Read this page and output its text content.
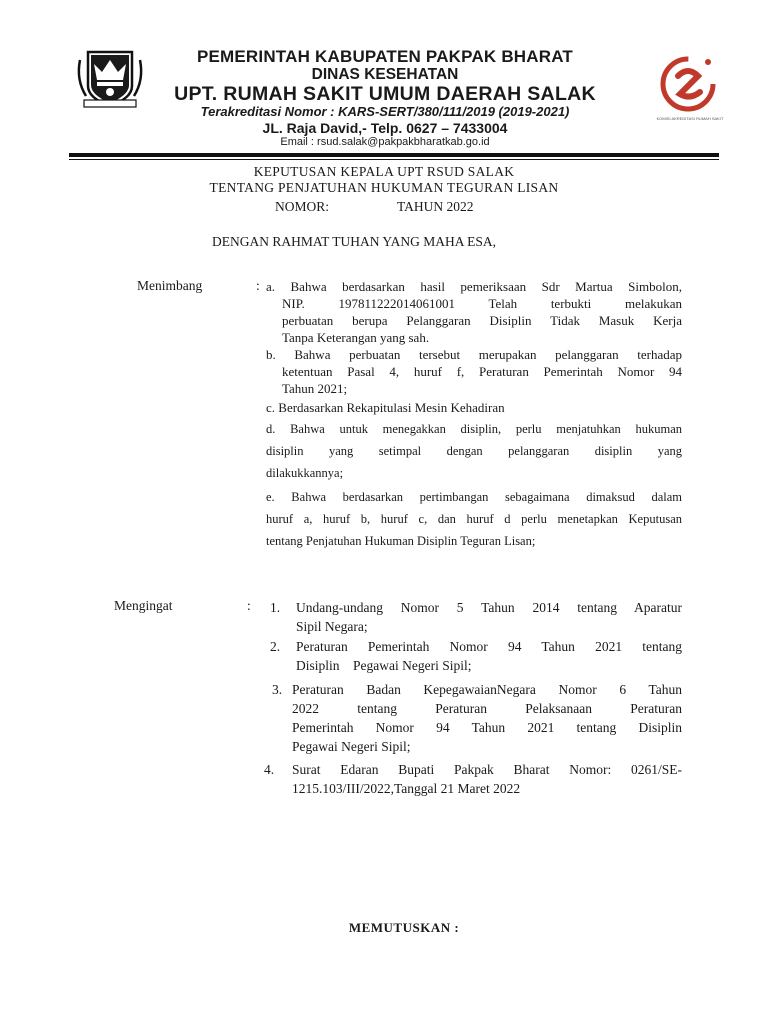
KOMISI AKREDITASI RUMAH SAKIT
PEMERINTAH KABUPATEN PAKPAK BHARAT
DINAS KESEHATAN
UPT. RUMAH SAKIT UMUM DAERAH SALAK
Terakreditasi Nomor : KARS-SERT/380/111/2019 (2019-2021)
JL. Raja David,- Telp. 0627 – 7433004
Email : rsud.salak@pakpakbharatkab.go.id
KEPUTUSAN KEPALA UPT RSUD SALAK
TENTANG PENJATUHAN HUKUMAN TEGURAN LISAN
NOMOR:	TAHUN 2022
DENGAN RAHMAT TUHAN YANG MAHA ESA,
Menimbang	: a. Bahwa berdasarkan hasil pemeriksaan Sdr Martua Simbolon,
NIP.    197811222014061001    Telah    terbukti    melakukan
perbuatan berupa Pelanggaran Disiplin Tidak Masuk Kerja
Tanpa Keterangan yang sah.
b. Bahwa perbuatan tersebut merupakan pelanggaran terhadap
ketentuan Pasal 4, huruf f, Peraturan Pemerintah Nomor 94
Tahun 2021;
c. Berdasarkan Rekapitulasi Mesin Kehadiran
d. Bahwa untuk menegakkan disiplin, perlu menjatuhkan hukuman
disiplin   yang   setimpal   dengan   pelanggaran   disiplin   yang
dilakukkannya;
e. Bahwa berdasarkan pertimbangan sebagaimana dimaksud dalam
huruf a, huruf b, huruf c, dan huruf d perlu menetapkan Keputusan
tentang Penjatuhan Hukuman Disiplin Teguran Lisan;
Mengingat	: 1. Undang-undang Nomor 5 Tahun 2014 tentang Aparatur
Sipil Negara;
2. Peraturan Pemerintah Nomor 94 Tahun 2021 tentang
Disiplin    Pegawai Negeri Sipil;
3. Peraturan Badan KepegawaianNegara Nomor 6 Tahun
2022     tentang     Peraturan     Pelaksanaan     Peraturan
Pemerintah Nomor 94 Tahun 2021 tentang Disiplin
Pegawai Negeri Sipil;
4. Surat Edaran Bupati Pakpak Bharat Nomor: 0261/SE-
1215.103/III/2022,Tanggal 21 Maret 2022
MEMUTUSKAN :
